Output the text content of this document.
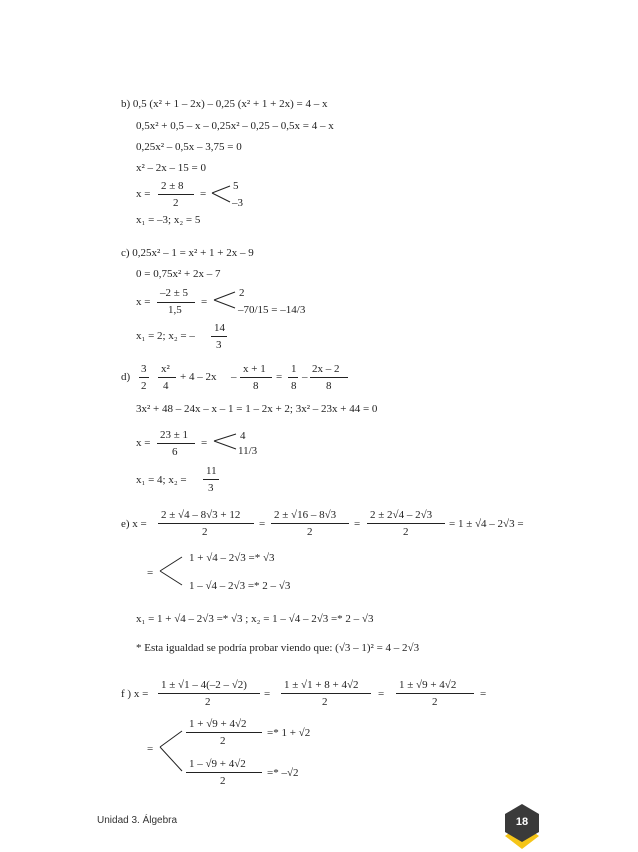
b) 0,5 (x² + 1 – 2x) – 0,25 (x² + 1 + 2x) = 4 – x
0,5x² + 0,5 – x – 0,25x² – 0,25 – 0,5x = 4 – x
0,25x² – 0,5x – 3,75 = 0
x² – 2x – 15 = 0
x =
2 ± 8
2
=
5
–3
x₁ = –3; x₂ = 5
c) 0,25x² – 1 = x² + 1 + 2x – 9
0 = 0,75x² + 2x – 7
x =
–2 ± 5
1,5
=
2
–70/15 = –14/3
x₁ = 2; x₂ = –
14
3
d)
3
2
x²
4
+ 4 – 2x –
x + 1
8
=
1
8
–
2x – 2
8
3x² + 48 – 24x – x – 1 = 1 – 2x + 2; 3x² – 23x + 44 = 0
x =
23 ± 1
6
=
4
11/3
x₁ = 4; x₂ =
11
3
e) x =
2 ± √4 – 8√3 + 12
2
=
2 ± √16 – 8√3
2
=
2 ± 2√4 – 2√3
2
= 1 ± √4 – 2√3 =
=
1 + √4 – 2√3 =* √3
1 – √4 – 2√3 =* 2 – √3
x₁ = 1 + √4 – 2√3 =* √3 ; x₂ = 1 – √4 – 2√3 =* 2 – √3
* Esta igualdad se podría probar viendo que: (√3 – 1)² = 4 – 2√3
f ) x =
1 ± √1 – 4(–2 – √2)
2
=
1 ± √1 + 8 + 4√2
2
=
1 ± √9 + 4√2
2
=
=
1 + √9 + 4√2
2
=* 1 + √2
1 – √9 + 4√2
2
=* –√2
Unidad 3. Álgebra	18
